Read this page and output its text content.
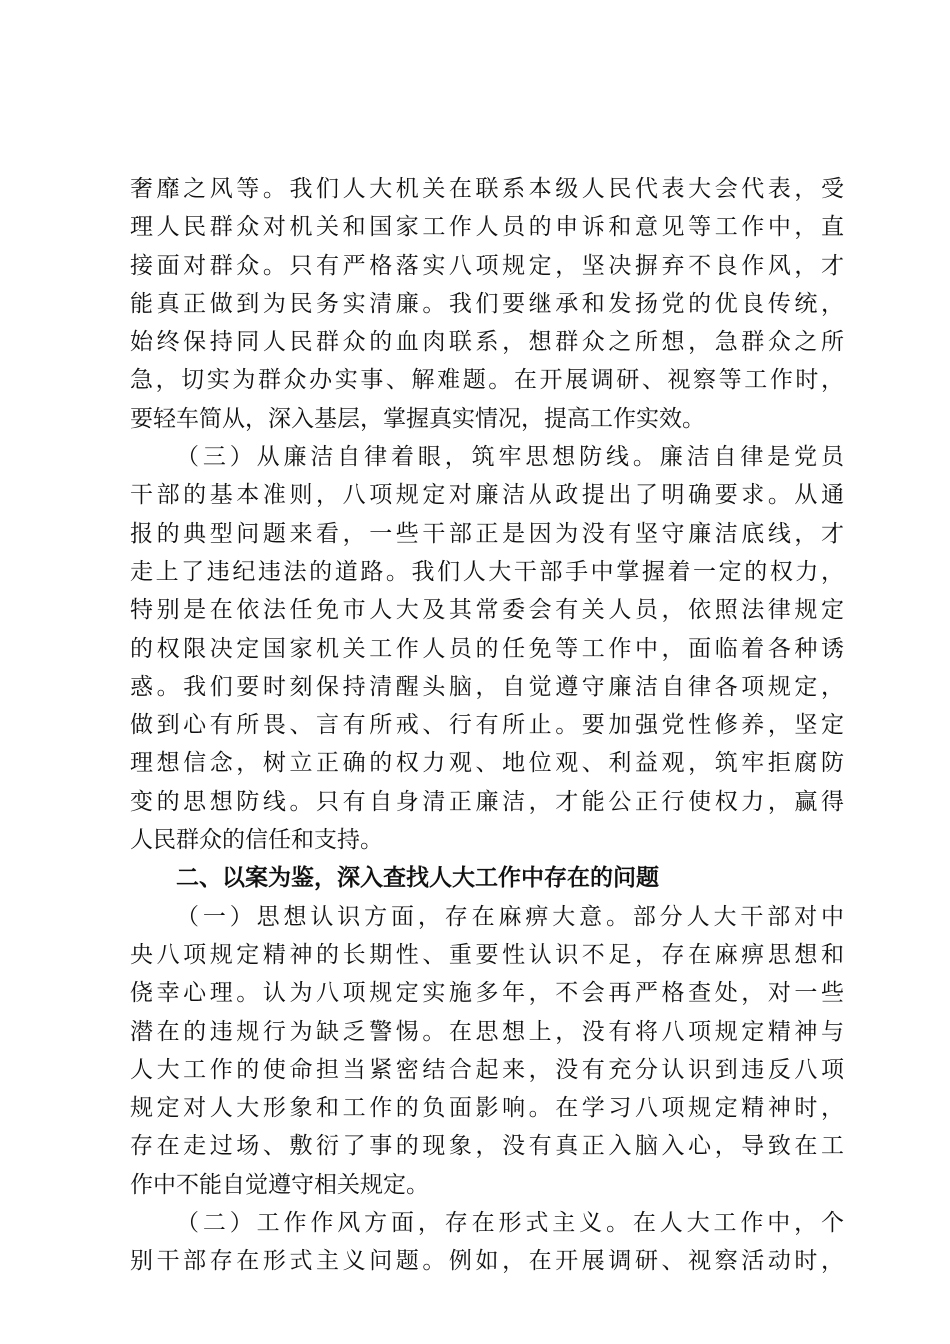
奢靡之风等。我们人大机关在联系本级人民代表大会代表，受
理人民群众对机关和国家工作人员的申诉和意见等工作中，直
接面对群众。只有严格落实八项规定，坚决摒弃不良作风，才
能真正做到为民务实清廉。我们要继承和发扬党的优良传统，
始终保持同人民群众的血肉联系，想群众之所想，急群众之所
急，切实为群众办实事、解难题。在开展调研、视察等工作时，
要轻车简从，深入基层，掌握真实情况，提高工作实效。
（三）从廉洁自律着眼，筑牢思想防线。廉洁自律是党员
干部的基本准则，八项规定对廉洁从政提出了明确要求。从通
报的典型问题来看，一些干部正是因为没有坚守廉洁底线，才
走上了违纪违法的道路。我们人大干部手中掌握着一定的权力，
特别是在依法任免市人大及其常委会有关人员，依照法律规定
的权限决定国家机关工作人员的任免等工作中，面临着各种诱
惑。我们要时刻保持清醒头脑，自觉遵守廉洁自律各项规定，
做到心有所畏、言有所戒、行有所止。要加强党性修养，坚定
理想信念，树立正确的权力观、地位观、利益观，筑牢拒腐防
变的思想防线。只有自身清正廉洁，才能公正行使权力，赢得
人民群众的信任和支持。
二、以案为鉴，深入查找人大工作中存在的问题
（一）思想认识方面，存在麻痹大意。部分人大干部对中
央八项规定精神的长期性、重要性认识不足，存在麻痹思想和
侥幸心理。认为八项规定实施多年，不会再严格查处，对一些
潜在的违规行为缺乏警惕。在思想上，没有将八项规定精神与
人大工作的使命担当紧密结合起来，没有充分认识到违反八项
规定对人大形象和工作的负面影响。在学习八项规定精神时，
存在走过场、敷衍了事的现象，没有真正入脑入心，导致在工
作中不能自觉遵守相关规定。
（二）工作作风方面，存在形式主义。在人大工作中，个
别干部存在形式主义问题。例如，在开展调研、视察活动时，
